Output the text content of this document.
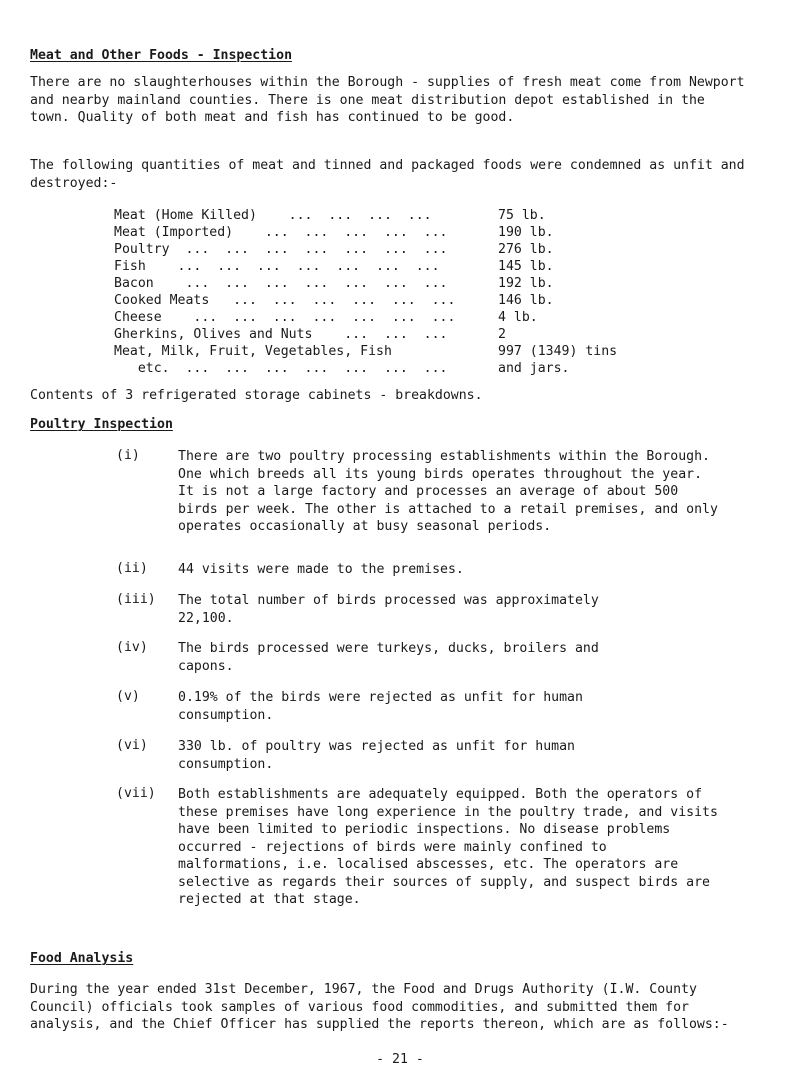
Meat and Other Foods - Inspection
There are no slaughterhouses within the Borough - supplies of fresh meat come from Newport and nearby mainland counties. There is one meat distribution depot established in the town. Quality of both meat and fish has continued to be good.
The following quantities of meat and tinned and packaged foods were condemned as unfit and destroyed:-
Meat (Home Killed)    ...  ...  ...  ...	75 lb.
Meat (Imported)    ...  ...  ...  ...  ...	190 lb.
Poultry  ...  ...  ...  ...  ...  ...  ...	276 lb.
Fish    ...  ...  ...  ...  ...  ...  ...	145 lb.
Bacon    ...  ...  ...  ...  ...  ...  ...	192 lb.
Cooked Meats   ...  ...  ...  ...  ...  ...	146 lb.
Cheese    ...  ...  ...  ...  ...  ...  ...	4 lb.
Gherkins, Olives and Nuts    ...  ...  ...	2
Meat, Milk, Fruit, Vegetables, Fish	997 (1349) tins
etc.  ...  ...  ...  ...  ...  ...  ...	and jars.
Contents of 3 refrigerated storage cabinets - breakdowns.
Poultry Inspection
(i)	There are two poultry processing establishments within the Borough. One which breeds all its young birds operates throughout the year. It is not a large factory and processes an average of about 500 birds per week. The other is attached to a retail premises, and only operates occasionally at busy seasonal periods.
(ii) 44 visits were made to the premises.
(iii) The total number of birds processed was approximately 22,100.
(iv) The birds processed were turkeys, ducks, broilers and capons.
(v)	0.19% of the birds were rejected as unfit for human consumption.
(vi) 330 lb. of poultry was rejected as unfit for human consumption.
(vii) Both establishments are adequately equipped. Both the operators of these premises have long experience in the poultry trade, and visits have been limited to periodic inspections. No disease problems occurred - rejections of birds were mainly confined to malformations, i.e. localised abscesses, etc. The operators are selective as regards their sources of supply, and suspect birds are rejected at that stage.
Food Analysis
During the year ended 31st December, 1967, the Food and Drugs Authority (I.W. County Council) officials took samples of various food commodities, and submitted them for analysis, and the Chief Officer has supplied the reports thereon, which are as follows:-
- 21 -
